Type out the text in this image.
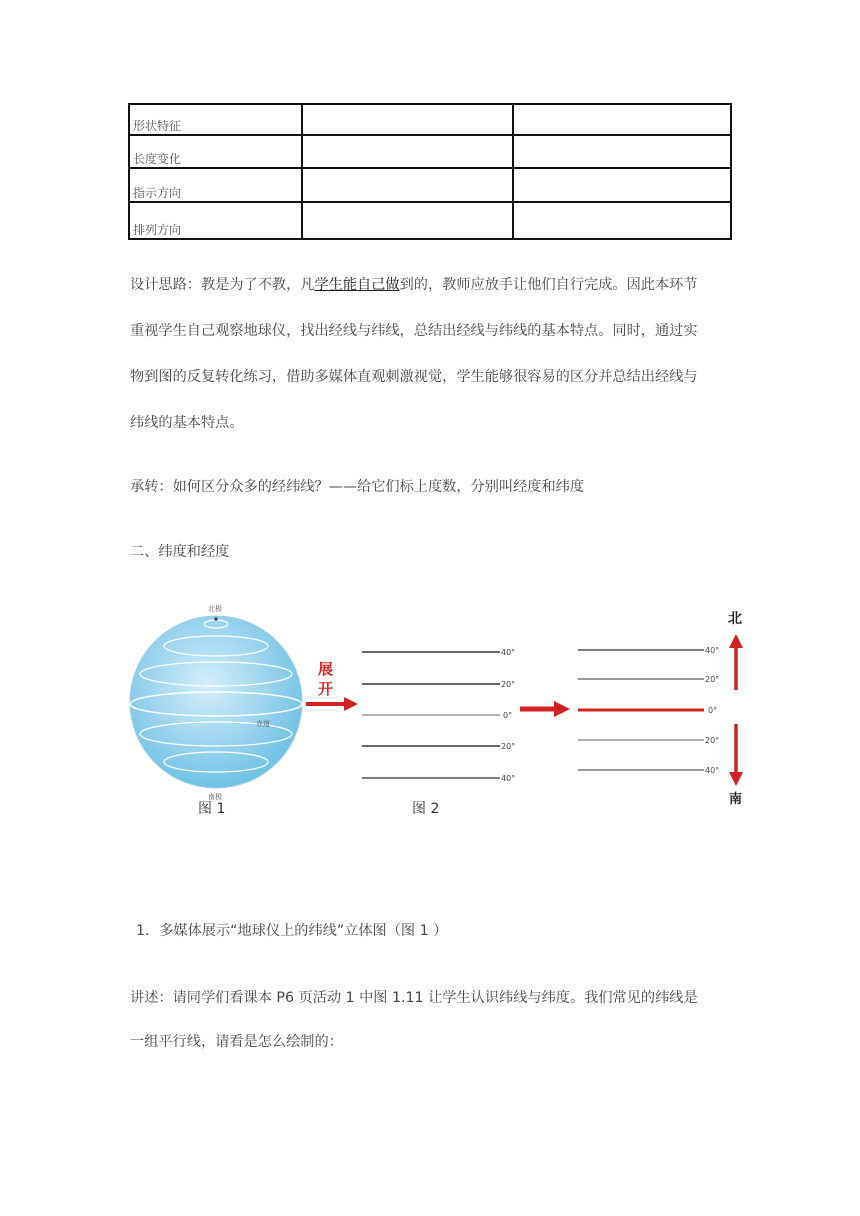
形状特征		
长度变化		
指示方向		
排列方向		
设计思路：教是为了不教，凡学生能自己做到的，教师应放手让他们自行完成。因此本环节
重视学生自己观察地球仪，找出经线与纬线，总结出经线与纬线的基本特点。同时，通过实
物到图的反复转化练习，借助多媒体直观刺激视觉，学生能够很容易的区分并总结出经线与
纬线的基本特点。
承转：如何区分众多的经纬线？——给它们标上度数，分别叫经度和纬度
二、纬度和经度
北极
南极
赤道
展
开
40°
20°
0°
20°
40°
40°
20°
0°
20°
40°
北
南
图 1	图 2
1．多媒体展示“地球仪上的纬线”立体图（图 1 ）
讲述：请同学们看课本 P6 页活动 1 中图 1.11 让学生认识纬线与纬度。我们常见的纬线是
一组平行线，请看是怎么绘制的：
